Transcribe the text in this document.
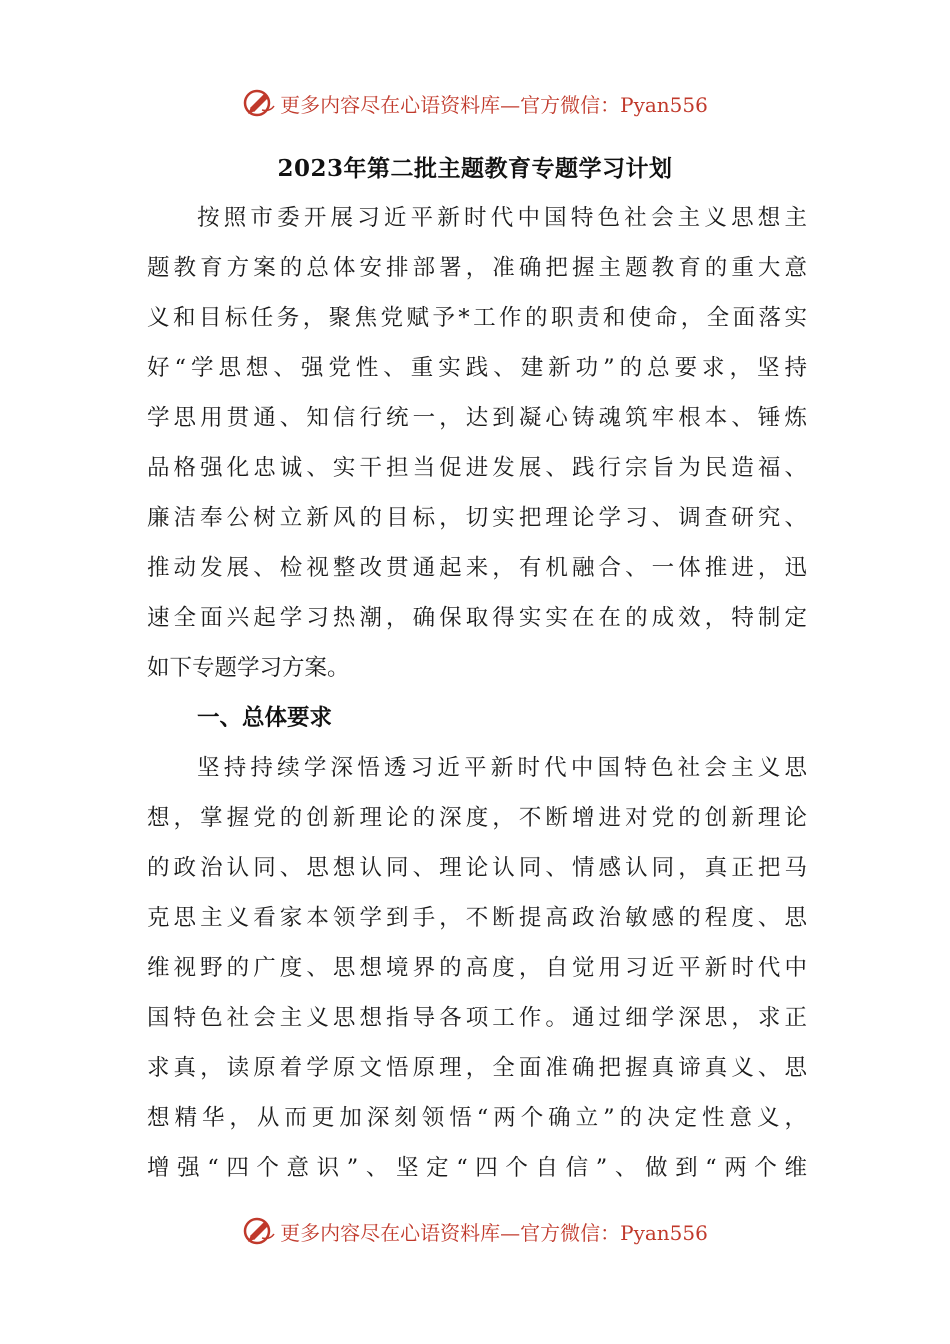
更多内容尽在心语资料库—官方微信：Pyan556
2023年第二批主题教育专题学习计划
按照市委开展习近平新时代中国特色社会主义思想主
题教育方案的总体安排部署，准确把握主题教育的重大意
义和目标任务，聚焦党赋予*工作的职责和使命，全面落实
好“学思想、强党性、重实践、建新功”的总要求，坚持
学思用贯通、知信行统一，达到凝心铸魂筑牢根本、锤炼
品格强化忠诚、实干担当促进发展、践行宗旨为民造福、
廉洁奉公树立新风的目标，切实把理论学习、调查研究、
推动发展、检视整改贯通起来，有机融合、一体推进，迅
速全面兴起学习热潮，确保取得实实在在的成效，特制定
如下专题学习方案。
一、总体要求
坚持持续学深悟透习近平新时代中国特色社会主义思
想，掌握党的创新理论的深度，不断增进对党的创新理论
的政治认同、思想认同、理论认同、情感认同，真正把马
克思主义看家本领学到手，不断提高政治敏感的程度、思
维视野的广度、思想境界的高度，自觉用习近平新时代中
国特色社会主义思想指导各项工作。通过细学深思，求正
求真，读原着学原文悟原理，全面准确把握真谛真义、思
想精华，从而更加深刻领悟“两个确立”的决定性意义，
增强“四个意识”、坚定“四个自信”、做到“两个维
更多内容尽在心语资料库—官方微信：Pyan556
